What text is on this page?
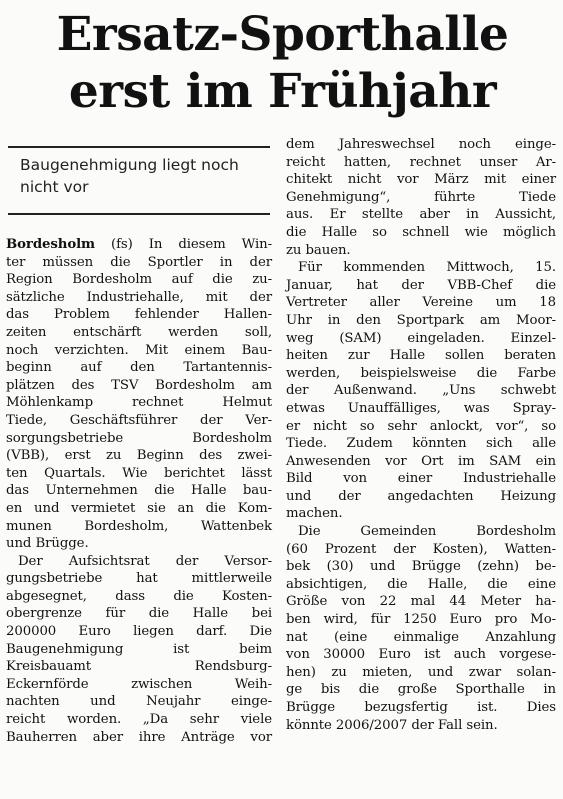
Ersatz-Sporthalle
erst im Frühjahr

Baugenehmigung liegt noch nicht vor

Bordesholm (fs) In diesem Win-
ter müssen die Sportler in der
Region Bordesholm auf die zu-
sätzliche Industriehalle, mit der
das Problem fehlender Hallen-
zeiten entschärft werden soll,
noch verzichten. Mit einem Bau-
beginn auf den Tartantennis-
plätzen des TSV Bordesholm am
Möhlenkamp rechnet Helmut
Tiede, Geschäftsführer der Ver-
sorgungsbetriebe Bordesholm
(VBB), erst zu Beginn des zwei-
ten Quartals. Wie berichtet lässt
das Unternehmen die Halle bau-
en und vermietet sie an die Kom-
munen Bordesholm, Wattenbek
und Brügge.
Der Aufsichtsrat der Versor-
gungsbetriebe hat mittlerweile
abgesegnet, dass die Kosten-
obergrenze für die Halle bei
200000 Euro liegen darf. Die
Baugenehmigung ist beim
Kreisbauamt Rendsburg-
Eckernförde zwischen Weih-
nachten und Neujahr einge-
reicht worden. „Da sehr viele
Bauherren aber ihre Anträge vor
dem Jahreswechsel noch einge-
reicht hatten, rechnet unser Ar-
chitekt nicht vor März mit einer
Genehmigung“, führte Tiede
aus. Er stellte aber in Aussicht,
die Halle so schnell wie möglich
zu bauen.
Für kommenden Mittwoch, 15.
Januar, hat der VBB-Chef die
Vertreter aller Vereine um 18
Uhr in den Sportpark am Moor-
weg (SAM) eingeladen. Einzel-
heiten zur Halle sollen beraten
werden, beispielsweise die Farbe
der Außenwand. „Uns schwebt
etwas Unauffälliges, was Spray-
er nicht so sehr anlockt, vor“, so
Tiede. Zudem könnten sich alle
Anwesenden vor Ort im SAM ein
Bild von einer Industriehalle
und der angedachten Heizung
machen.
Die Gemeinden Bordesholm
(60 Prozent der Kosten), Watten-
bek (30) und Brügge (zehn) be-
absichtigen, die Halle, die eine
Größe von 22 mal 44 Meter ha-
ben wird, für 1250 Euro pro Mo-
nat (eine einmalige Anzahlung
von 30000 Euro ist auch vorgese-
hen) zu mieten, und zwar solan-
ge bis die große Sporthalle in
Brügge bezugsfertig ist. Dies
könnte 2006/2007 der Fall sein.
